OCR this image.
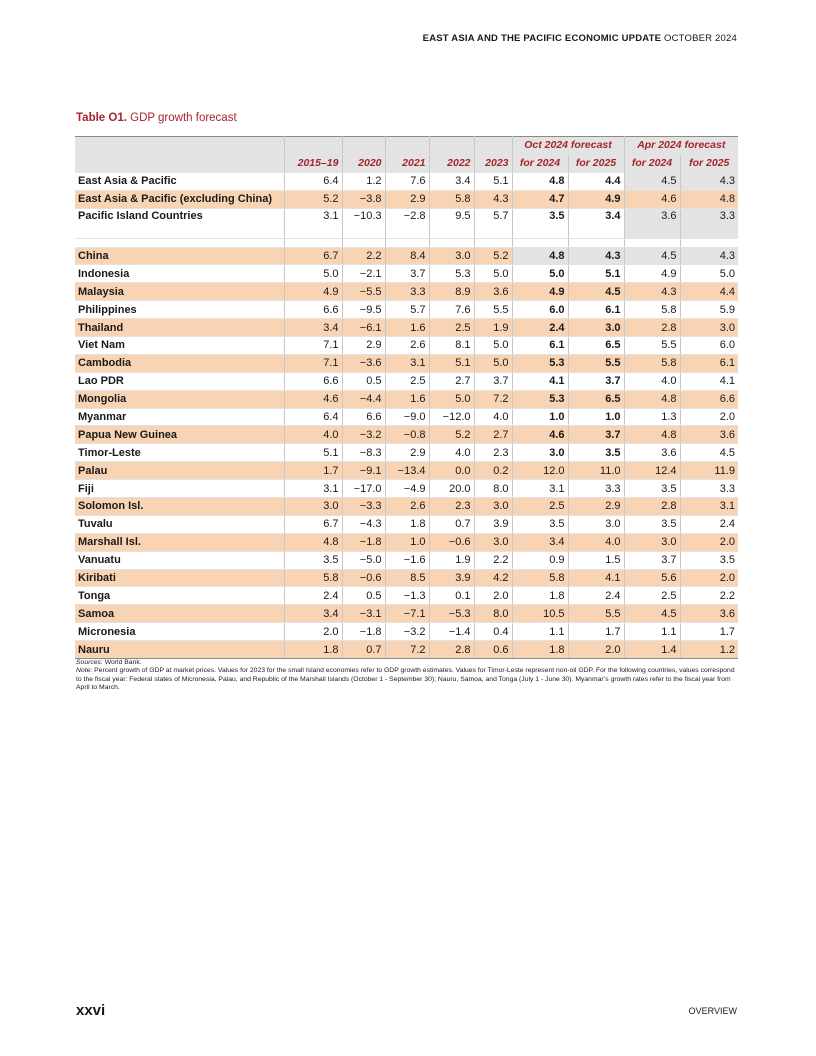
EAST ASIA AND THE PACIFIC ECONOMIC UPDATE OCTOBER 2024
Table O1. GDP growth forecast
						Oct 2024 forecast		Apr 2024 forecast	
	2015–19	2020	2021	2022	2023	for 2024	for 2025	for 2024	for 2025
East Asia & Pacific	6.4	1.2	7.6	3.4	5.1	4.8	4.4	4.5	4.3
East Asia & Pacific (excluding China)	5.2	−3.8	2.9	5.8	4.3	4.7	4.9	4.6	4.8
Pacific Island Countries	3.1	−10.3	−2.8	9.5	5.7	3.5	3.4	3.6	3.3

China	6.7	2.2	8.4	3.0	5.2	4.8	4.3	4.5	4.3
Indonesia	5.0	−2.1	3.7	5.3	5.0	5.0	5.1	4.9	5.0
Malaysia	4.9	−5.5	3.3	8.9	3.6	4.9	4.5	4.3	4.4
Philippines	6.6	−9.5	5.7	7.6	5.5	6.0	6.1	5.8	5.9
Thailand	3.4	−6.1	1.6	2.5	1.9	2.4	3.0	2.8	3.0
Viet Nam	7.1	2.9	2.6	8.1	5.0	6.1	6.5	5.5	6.0
Cambodia	7.1	−3.6	3.1	5.1	5.0	5.3	5.5	5.8	6.1
Lao PDR	6.6	0.5	2.5	2.7	3.7	4.1	3.7	4.0	4.1
Mongolia	4.6	−4.4	1.6	5.0	7.2	5.3	6.5	4.8	6.6
Myanmar	6.4	6.6	−9.0	−12.0	4.0	1.0	1.0	1.3	2.0
Papua New Guinea	4.0	−3.2	−0.8	5.2	2.7	4.6	3.7	4.8	3.6
Timor-Leste	5.1	−8.3	2.9	4.0	2.3	3.0	3.5	3.6	4.5
Palau	1.7	−9.1	−13.4	0.0	0.2	12.0	11.0	12.4	11.9
Fiji	3.1	−17.0	−4.9	20.0	8.0	3.1	3.3	3.5	3.3
Solomon Isl.	3.0	−3.3	2.6	2.3	3.0	2.5	2.9	2.8	3.1
Tuvalu	6.7	−4.3	1.8	0.7	3.9	3.5	3.0	3.5	2.4
Marshall Isl.	4.8	−1.8	1.0	−0.6	3.0	3.4	4.0	3.0	2.0
Vanuatu	3.5	−5.0	−1.6	1.9	2.2	0.9	1.5	3.7	3.5
Kiribati	5.8	−0.6	8.5	3.9	4.2	5.8	4.1	5.6	2.0
Tonga	2.4	0.5	−1.3	0.1	2.0	1.8	2.4	2.5	2.2
Samoa	3.4	−3.1	−7.1	−5.3	8.0	10.5	5.5	4.5	3.6
Micronesia	2.0	−1.8	−3.2	−1.4	0.4	1.1	1.7	1.1	1.7
Nauru	1.8	0.7	7.2	2.8	0.6	1.8	2.0	1.4	1.2
Sources: World Bank.
Note: Percent growth of GDP at market prices. Values for 2023 for the small Island economies refer to GDP growth estimates. Values for Timor-Leste represent non-oil GDP. For the following countries, values correspond to the fiscal year: Federal states of Micronesia, Palau, and Republic of the Marshall Islands (October 1 - September 30); Nauru, Samoa, and Tonga (July 1 - June 30). Myanmar’s growth rates refer to the fiscal year from April to March.
xxvi	OVERVIEW
